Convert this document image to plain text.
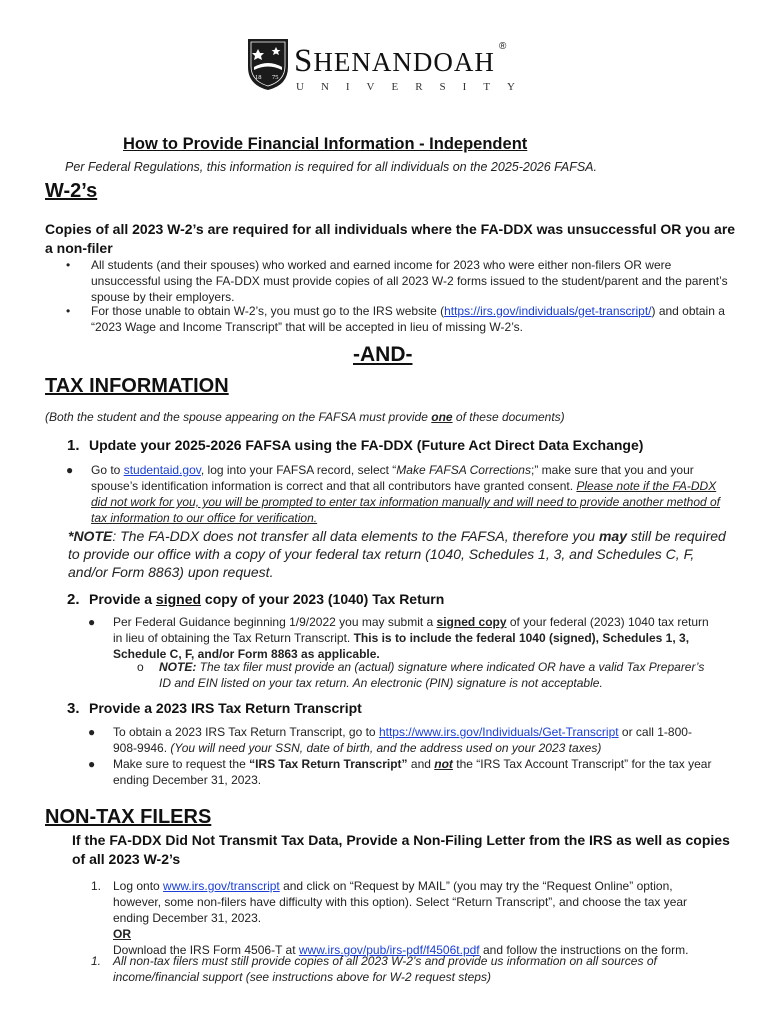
18 75 SHENANDOAH
®
UNIVERSITY
How to Provide Financial Information - Independent
Per Federal Regulations, this information is required for all individuals on the 2025-2026 FAFSA.
W-2’s
Copies of all 2023 W-2’s are required for all individuals where the FA-DDX was unsuccessful OR you are a non-filer
• All students (and their spouses) who worked and earned income for 2023 who were either non-filers OR were unsuccessful using the FA-DDX must provide copies of all 2023 W-2 forms issued to the student/parent and the parent’s spouse by their employers.
• For those unable to obtain W-2’s, you must go to the IRS website (https://irs.gov/individuals/get-transcript/) and obtain a “2023 Wage and Income Transcript” that will be accepted in lieu of missing W-2’s.
-AND-
TAX INFORMATION
(Both the student and the spouse appearing on the FAFSA must provide one of these documents)
1. Update your 2025-2026 FAFSA using the FA-DDX (Future Act Direct Data Exchange)
● Go to studentaid.gov, log into your FAFSA record, select “Make FAFSA Corrections;” make sure that you and your spouse’s identification information is correct and that all contributors have granted consent. Please note if the FA-DDX did not work for you, you will be prompted to enter tax information manually and will need to provide another method of tax information to our office for verification.
*NOTE: The FA-DDX does not transfer all data elements to the FAFSA, therefore you may still be required to provide our office with a copy of your federal tax return (1040, Schedules 1, 3, and Schedules C, F, and/or Form 8863) upon request.
2. Provide a signed copy of your 2023 (1040) Tax Return
● Per Federal Guidance beginning 1/9/2022 you may submit a signed copy of your federal (2023) 1040 tax return in lieu of obtaining the Tax Return Transcript. This is to include the federal 1040 (signed), Schedules 1, 3, Schedule C, F, and/or Form 8863 as applicable.
o NOTE: The tax filer must provide an (actual) signature where indicated OR have a valid Tax Preparer’s ID and EIN listed on your tax return. An electronic (PIN) signature is not acceptable.
3. Provide a 2023 IRS Tax Return Transcript
● To obtain a 2023 IRS Tax Return Transcript, go to https://www.irs.gov/Individuals/Get-Transcript or call 1-800-908-9946. (You will need your SSN, date of birth, and the address used on your 2023 taxes)
● Make sure to request the “IRS Tax Return Transcript” and not the “IRS Tax Account Transcript” for the tax year ending December 31, 2023.
NON-TAX FILERS
If the FA-DDX Did Not Transmit Tax Data, Provide a Non-Filing Letter from the IRS as well as copies of all 2023 W-2’s
1. Log onto www.irs.gov/transcript and click on “Request by MAIL” (you may try the “Request Online” option, however, some non-filers have difficulty with this option). Select “Return Transcript”, and choose the tax year ending December 31, 2023.
OR
Download the IRS Form 4506-T at www.irs.gov/pub/irs-pdf/f4506t.pdf and follow the instructions on the form.
1. All non-tax filers must still provide copies of all 2023 W-2’s and provide us information on all sources of income/financial support (see instructions above for W-2 request steps)
